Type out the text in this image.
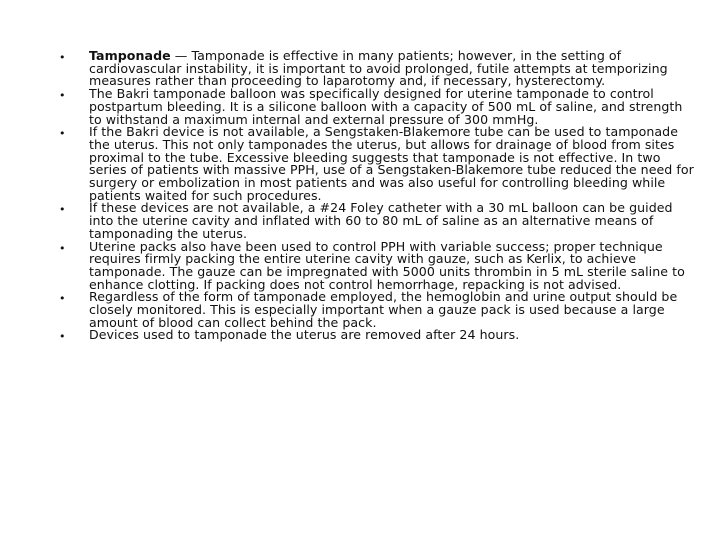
• Tamponade — Tamponade is effective in many patients; however, in the setting of cardiovascular instability, it is important to avoid prolonged, futile attempts at temporizing measures rather than proceeding to laparotomy and, if necessary, hysterectomy.
• The Bakri tamponade balloon was specifically designed for uterine tamponade to control postpartum bleeding. It is a silicone balloon with a capacity of 500 mL of saline, and strength to withstand a maximum internal and external pressure of 300 mmHg.
• If the Bakri device is not available, a Sengstaken-Blakemore tube can be used to tamponade the uterus. This not only tamponades the uterus, but allows for drainage of blood from sites proximal to the tube. Excessive bleeding suggests that tamponade is not effective. In two series of patients with massive PPH, use of a Sengstaken-Blakemore tube reduced the need for surgery or embolization in most patients and was also useful for controlling bleeding while patients waited for such procedures.
• If these devices are not available, a #24 Foley catheter with a 30 mL balloon can be guided into the uterine cavity and inflated with 60 to 80 mL of saline as an alternative means of tamponading the uterus.
• Uterine packs also have been used to control PPH with variable success; proper technique requires firmly packing the entire uterine cavity with gauze, such as Kerlix, to achieve tamponade. The gauze can be impregnated with 5000 units thrombin in 5 mL sterile saline to enhance clotting. If packing does not control hemorrhage, repacking is not advised.
• Regardless of the form of tamponade employed, the hemoglobin and urine output should be closely monitored. This is especially important when a gauze pack is used because a large amount of blood can collect behind the pack.
• Devices used to tamponade the uterus are removed after 24 hours.
